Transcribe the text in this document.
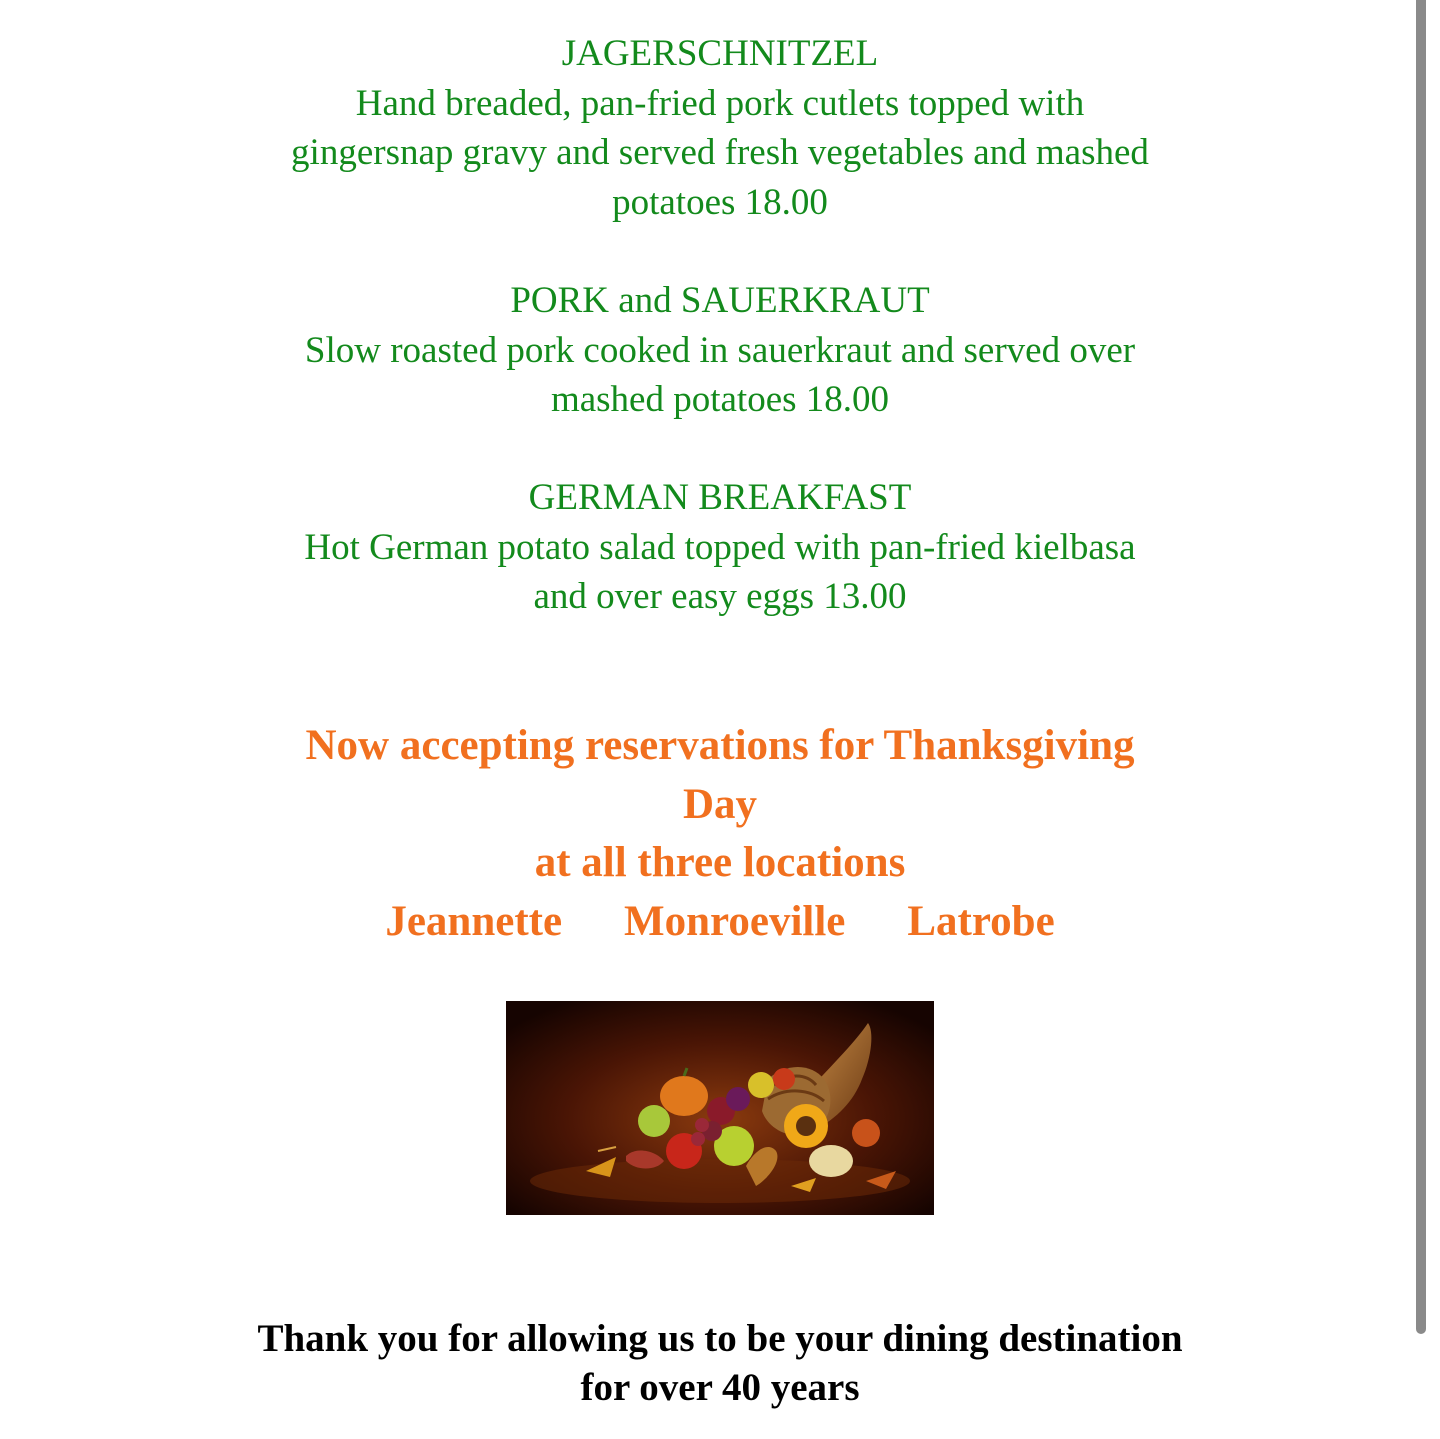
JAGERSCHNITZEL
Hand breaded, pan-fried pork cutlets topped with
gingersnap gravy and served fresh vegetables and mashed
potatoes 18.00
PORK and SAUERKRAUT
Slow roasted pork cooked in sauerkraut and served over
mashed potatoes 18.00
GERMAN BREAKFAST
Hot German potato salad topped with pan-fried kielbasa
and over easy eggs 13.00
Now accepting reservations for Thanksgiving
Day
at all three locations
Jeannette Monroeville Latrobe
Thank you for allowing us to be your dining destination
for over 40 years
